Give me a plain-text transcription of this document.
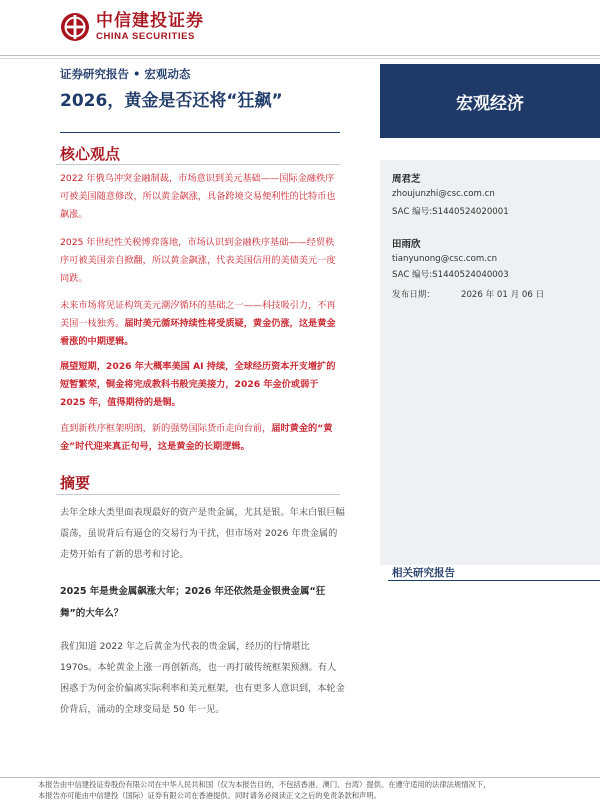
中信建投证券
CHINA SECURITIES
证券研究报告 • 宏观动态
2026，黄金是否还将“狂飙”	宏观经济
核心观点
2022 年俄乌冲突金融制裁，市场意识到美元基础——国际金融秩序可被美国随意修改，所以黄金飙涨，具备跨境交易便利性的比特币也飙涨。
2025 年世纪性关税博弈落地，市场认识到金融秩序基础——经贸秩序可被美国亲自掀翻，所以黄金飙涨，代表美国信用的美债美元一度同跌。
未来市场将见证构筑美元潮汐循环的基础之一——科技吸引力，不再美国一枝独秀。届时美元循环持续性将受质疑，黄金仍涨，这是黄金看涨的中期逻辑。
展望短期，2026 年大概率美国 AI 持续，全球经历资本开支增扩的短暂繁荣，铜金将完成教科书般完美接力，2026 年金价或弱于 2025 年，值得期待的是铜。
直到新秩序框架明朗，新的强势国际货币走向台前，届时黄金的“黄金”时代迎来真正句号，这是黄金的长期逻辑。
摘要
去年全球大类里面表现最好的资产是贵金属，尤其是银。年末白银巨幅震荡，虽说背后有逼仓的交易行为干扰，但市场对 2026 年贵金属的走势开始有了新的思考和讨论。
2025 年是贵金属飙涨大年；2026 年还依然是金银贵金属“狂舞”的大年么？
我们知道 2022 年之后黄金为代表的贵金属，经历的行情堪比 1970s。本轮黄金上涨一再创新高，也一再打破传统框架预测。有人困惑于为何金价偏离实际利率和美元框架，也有更多人意识到，本轮金价背后，涌动的全球变局是 50 年一见。
周君芝
zhoujunzhi@csc.com.cn
SAC 编号:S1440524020001
田雨欣
tianyunong@csc.com.cn
SAC 编号:S1440524040003
发布日期：	2026 年 01 月 06 日
相关研究报告
本报告由中信建投证券股份有限公司在中华人民共和国（仅为本报告目的，不包括香港、澳门、台湾）提供。在遵守适用的法律法规情况下，
本报告亦可能由中信建投（国际）证券有限公司在香港提供。同时请务必阅读正文之后的免责条款和声明。
